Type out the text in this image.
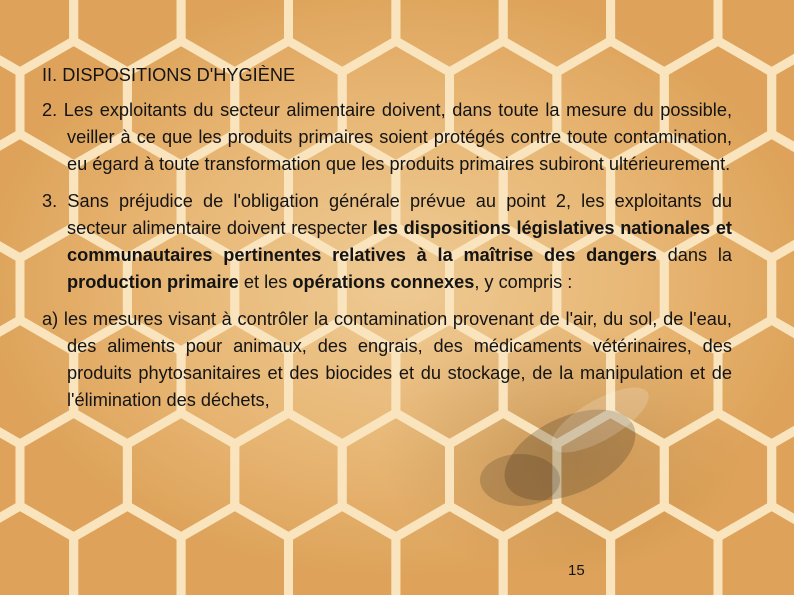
II. DISPOSITIONS D'HYGIÈNE

2. Les exploitants du secteur alimentaire doivent, dans toute la mesure du possible, veiller à ce que les produits primaires soient protégés contre toute contamination, eu égard à toute transformation que les produits primaires subiront ultérieurement.

3. Sans préjudice de l'obligation générale prévue au point 2, les exploitants du secteur alimentaire doivent respecter les dispositions législatives nationales et communautaires pertinentes relatives à la maîtrise des dangers dans la production primaire et les opérations connexes, y compris :

a) les mesures visant à contrôler la contamination provenant de l'air, du sol, de l'eau, des aliments pour animaux, des engrais, des médicaments vétérinaires, des produits phytosanitaires et des biocides et du stockage, de la manipulation et de l'élimination des déchets,

15
